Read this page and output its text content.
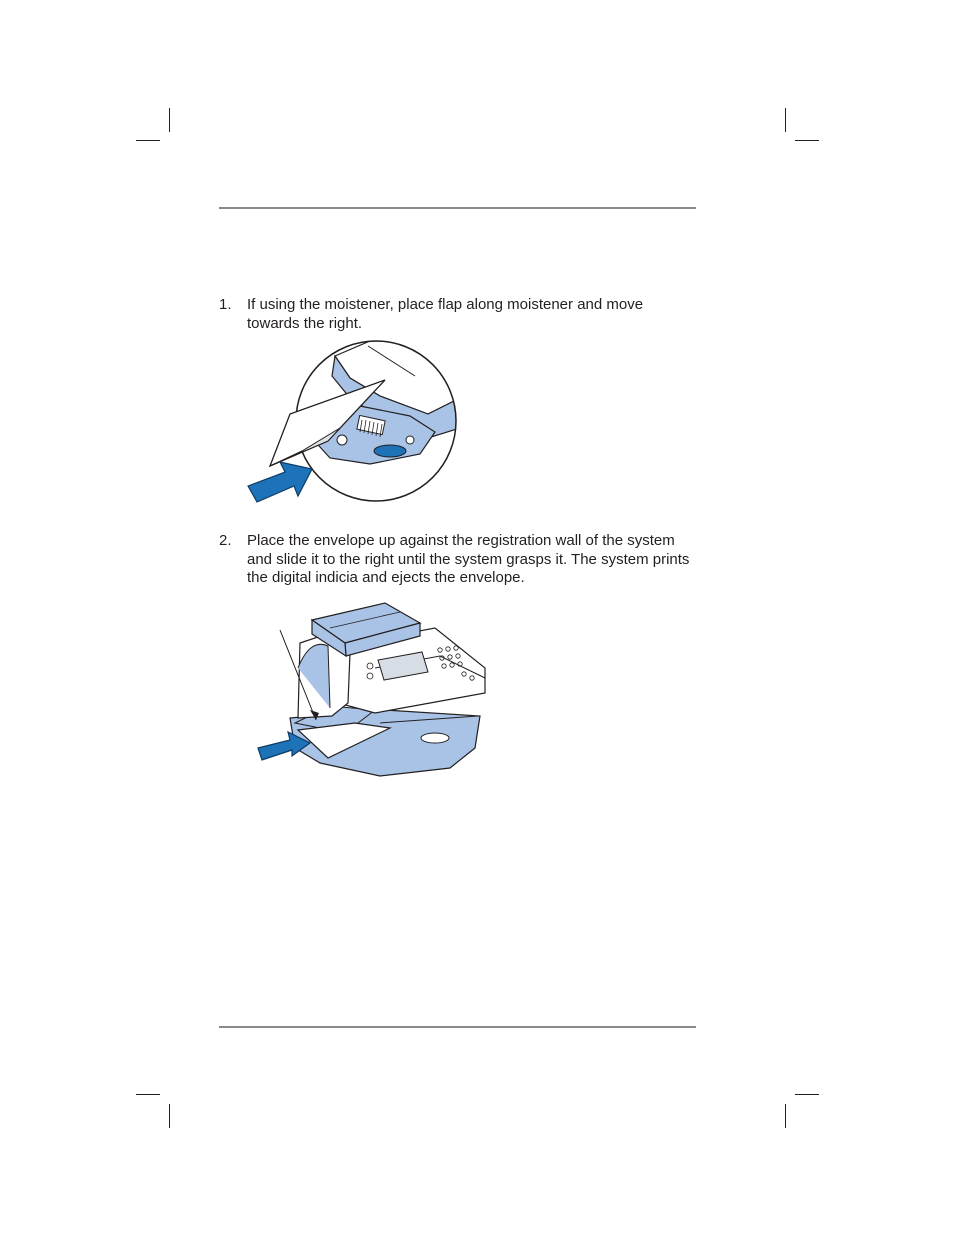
1.	If using the moistener, place flap along moistener and move towards the right.
2.	Place the envelope up against the registration wall of the system and slide it to the right until the system grasps it. The system prints the digital indicia and ejects the envelope.
